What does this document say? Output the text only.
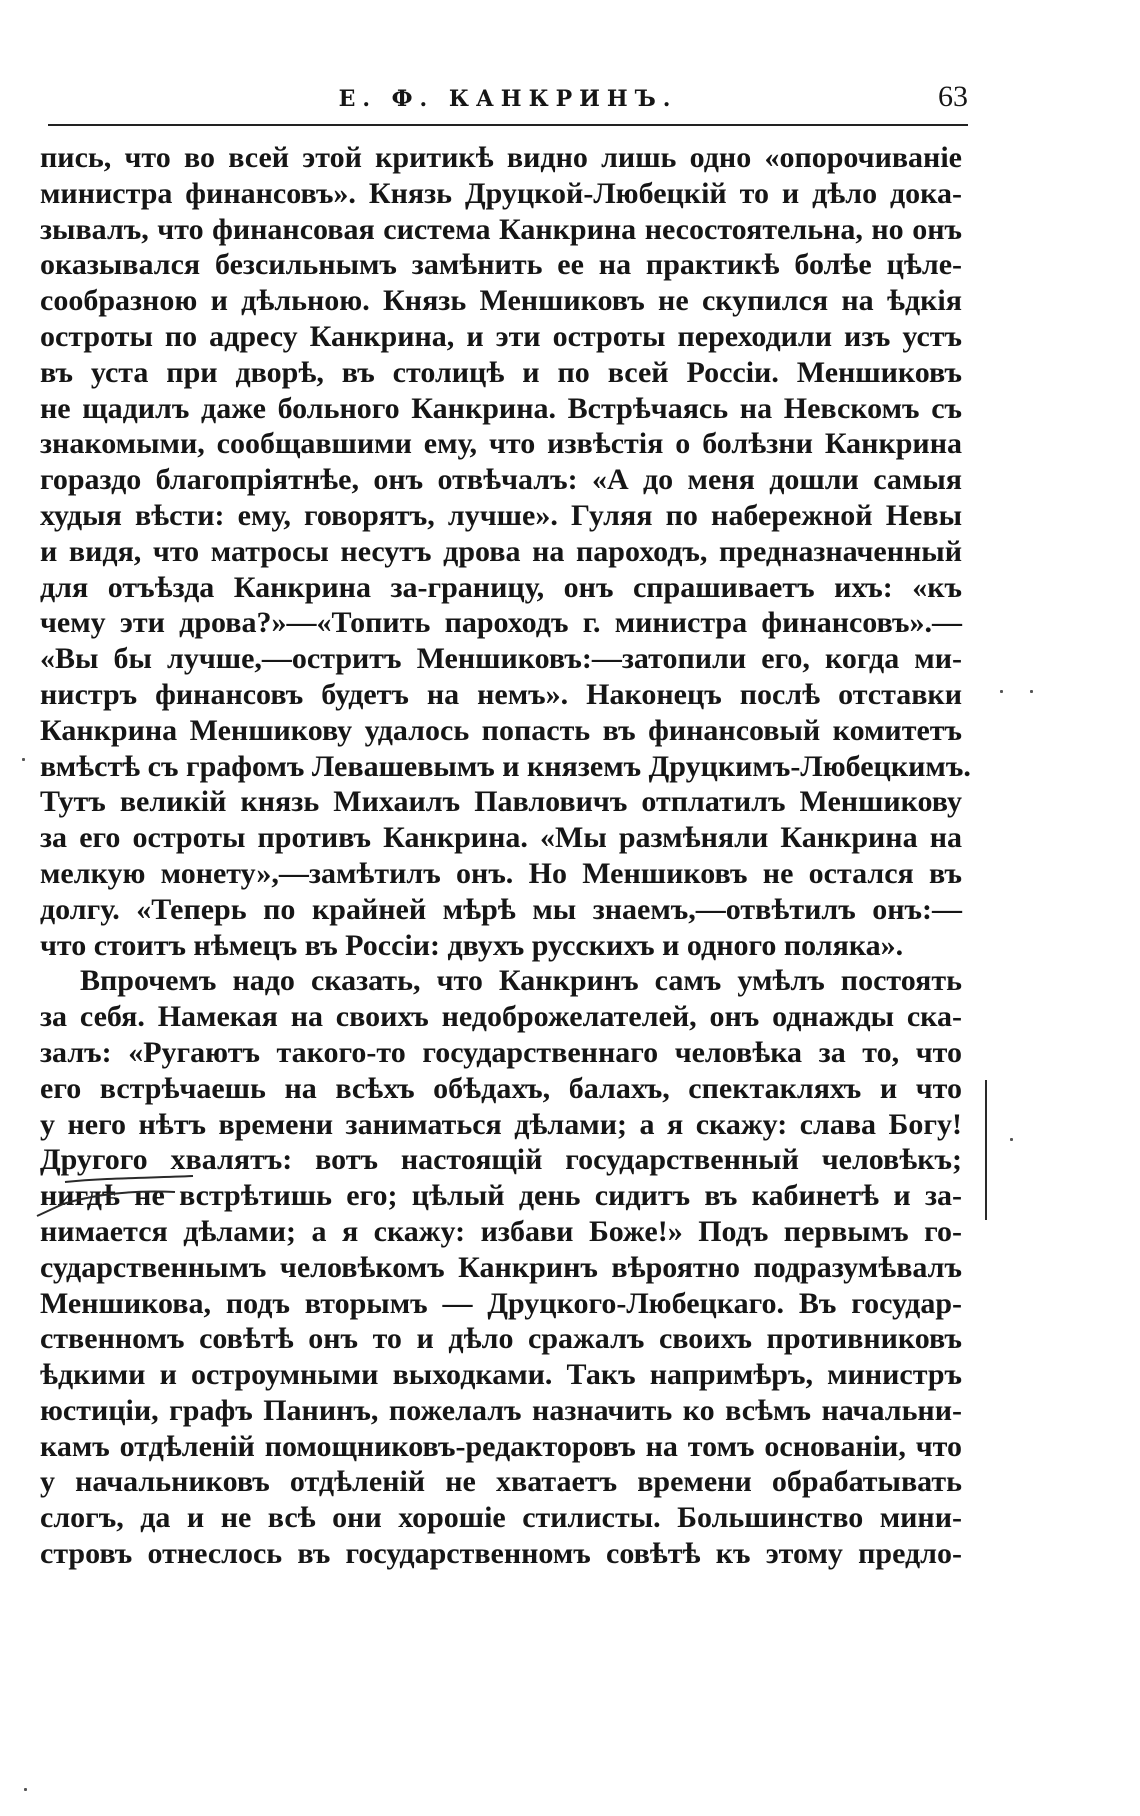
Е. Ф. КАНКРИНЪ.	63
пись, что во всей этой критикѣ видно лишь одно «опорочиваніе
министра финансовъ». Князь Друцкой-Любецкій то и дѣло дока-
зывалъ, что финансовая система Канкрина несостоятельна, но онъ
оказывался безсильнымъ замѣнить ее на практикѣ болѣе цѣле-
сообразною и дѣльною. Князь Меншиковъ не скупился на ѣдкія
остроты по адресу Канкрина, и эти остроты переходили изъ устъ
въ уста при дворѣ, въ столицѣ и по всей Россіи. Меншиковъ
не щадилъ даже больного Канкрина. Встрѣчаясь на Невскомъ съ
знакомыми, сообщавшими ему, что извѣстія о болѣзни Канкрина
гораздо благопріятнѣе, онъ отвѣчалъ: «А до меня дошли самыя
худыя вѣсти: ему, говорятъ, лучше». Гуляя по набережной Невы
и видя, что матросы несутъ дрова на пароходъ, предназначенный
для отъѣзда Канкрина за-границу, онъ спрашиваетъ ихъ: «къ
чему эти дрова?»—«Топить пароходъ г. министра финансовъ».—
«Вы бы лучше,—остритъ Меншиковъ:—затопили его, когда ми-
нистръ финансовъ будетъ на немъ». Наконецъ послѣ отставки
Канкрина Меншикову удалось попасть въ финансовый комитетъ
вмѣстѣ съ графомъ Левашевымъ и княземъ Друцкимъ-Любецкимъ.
Тутъ великій князь Михаилъ Павловичъ отплатилъ Меншикову
за его остроты противъ Канкрина. «Мы размѣняли Канкрина на
мелкую монету»,—замѣтилъ онъ. Но Меншиковъ не остался въ
долгу. «Теперь по крайней мѣрѣ мы знаемъ,—отвѣтилъ онъ:—
что стоитъ нѣмецъ въ Россіи: двухъ русскихъ и одного поляка».
Впрочемъ надо сказать, что Канкринъ самъ умѣлъ постоять
за себя. Намекая на своихъ недоброжелателей, онъ однажды ска-
залъ: «Ругаютъ такого-то государственнаго человѣка за то, что
его встрѣчаешь на всѣхъ обѣдахъ, балахъ, спектакляхъ и что
у него нѣтъ времени заниматься дѣлами; а я скажу: слава Богу!
Другого хвалятъ: вотъ настоящій государственный человѣкъ;
нигдѣ не встрѣтишь его; цѣлый день сидитъ въ кабинетѣ и за-
нимается дѣлами; а я скажу: избави Боже!» Подъ первымъ го-
сударственнымъ человѣкомъ Канкринъ вѣроятно подразумѣвалъ
Меншикова, подъ вторымъ — Друцкого-Любецкаго. Въ государ-
ственномъ совѣтѣ онъ то и дѣло сражалъ своихъ противниковъ
ѣдкими и остроумными выходками. Такъ напримѣръ, министръ
юстиціи, графъ Панинъ, пожелалъ назначить ко всѣмъ начальни-
камъ отдѣленій помощниковъ-редакторовъ на томъ основаніи, что
у начальниковъ отдѣленій не хватаетъ времени обрабатывать
слогъ, да и не всѣ они хорошіе стилисты. Большинство мини-
стровъ отнеслось въ государственномъ совѣтѣ къ этому предло-
